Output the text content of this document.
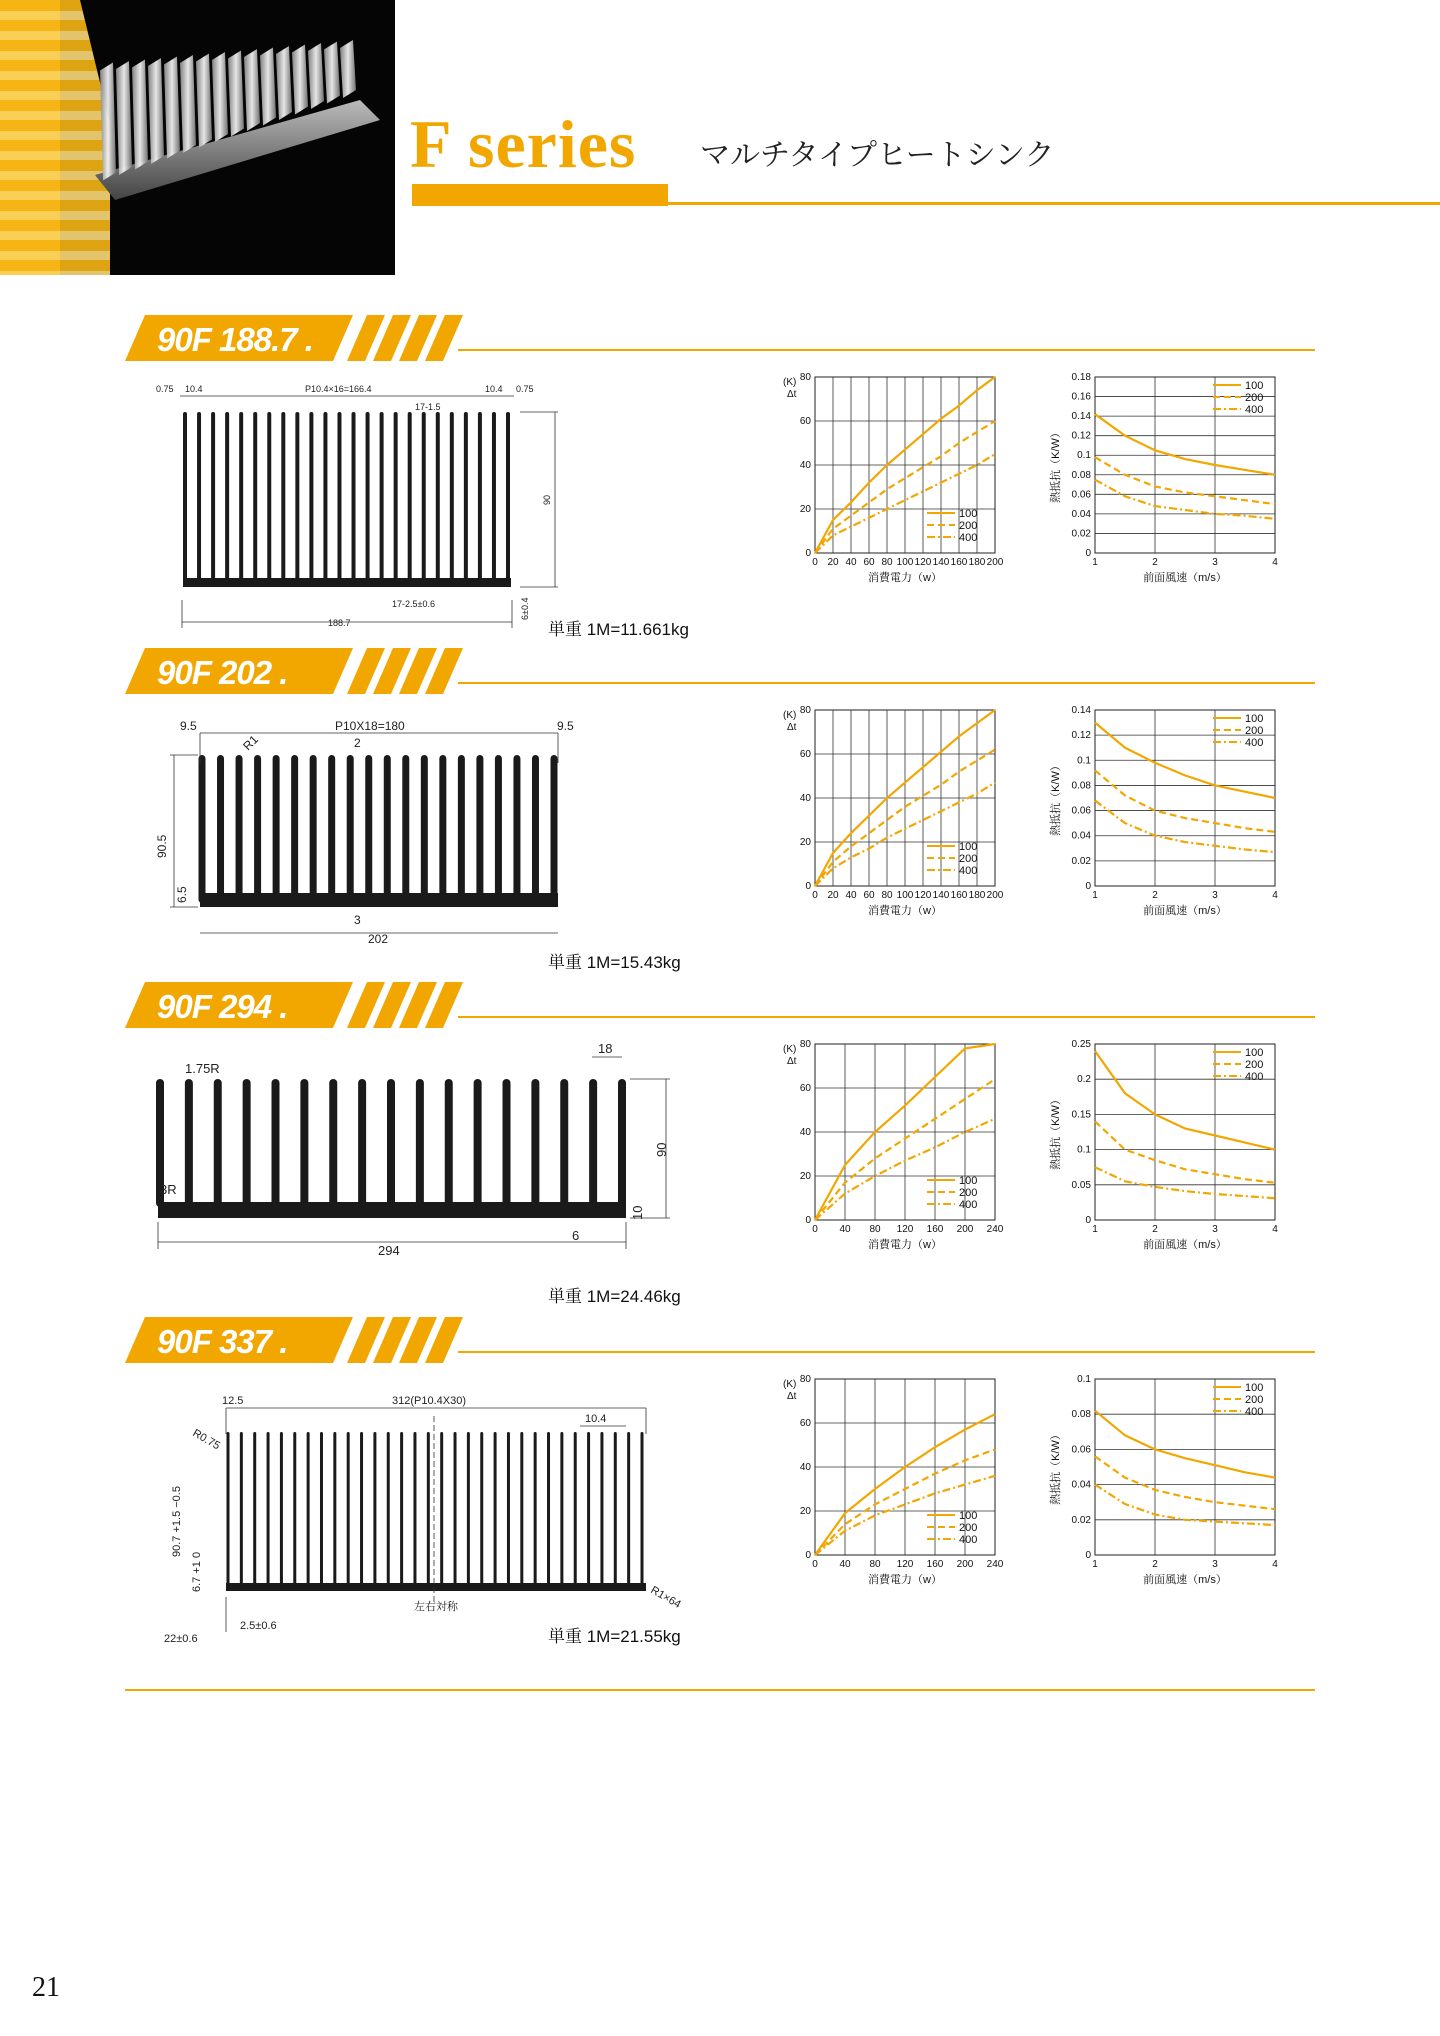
F series マルチタイプヒートシンク
90F 188.7 .
0.75 10.4	P10.4×16=166.4	10.4 0.75
17-1.5
90
17-2.5±0.6
188.7
6±0.4
単重 1M=11.661kg
0 20 40 60 80 100 120 140 160 180 200
0
20
40
60
80
消費電力（w）
(K)
Δt
100
200
400
1	2	3	4
0
0.02
0.04
0.06
0.08
0.1
0.12
0.14
0.16
0.18
前面風速（m/s）
熱抵抗（K/W）
100
200
400
90F 202 .
9.5	P10X18=180	9.5
R1	2
90.5
6.5
3
202
単重 1M=15.43kg
0 20 40 60 80 100 120 140 160 180 200
0
20
40
60
80
消費電力（w）
(K)
Δt
100
200
400
1	2	3	4
0
0.02
0.04
0.06
0.08
0.1
0.12
0.14
前面風速（m/s）
熱抵抗（K/W）
100
200
400
90F 294 .
1.75R
18
90
3R
10
6
294
単重 1M=24.46kg
0 40 80 120 160 200 240
0
20
40
60
80
消費電力（w）
(K)
Δt
100
200
400
1	2	3	4
0
0.05
0.1
0.15
0.2
0.25
前面風速（m/s）
熱抵抗（K/W）
100
200
400
90F 337 .
12.5	312(P10.4X30)
10.4
R0.75
90.7 +1.5 −0.5
6.7 +1 0
R1×64
左右対称
2.5±0.6
22±0.6	単重 1M=21.55kg
0 40 80 120 160 200 240
0
20
40
60
80
消費電力（w）
(K)
Δt
100
200
400
1	2	3	4
0
0.02
0.04
0.06
0.08
0.1
前面風速（m/s）
熱抵抗（K/W）
100
200
400
21
